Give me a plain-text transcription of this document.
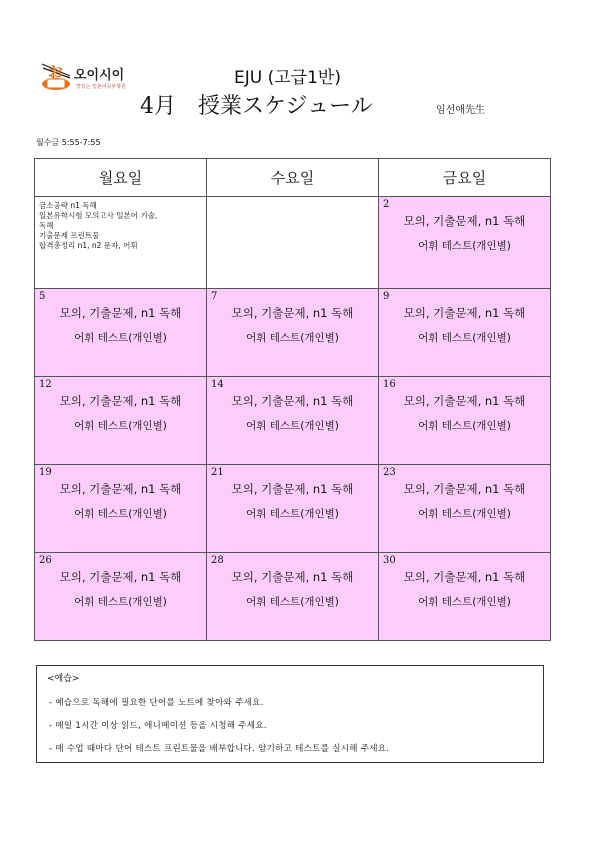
お 오이시이
맛있는 일본어공부학원	EJU (고급1반)
4月　授業スケジュール	임선애先生
월수금 5:55-7:55
월요일	수요일	금요일

금소공략 n1 독해
일본유학시험 모의고사 일본어 기술,
독해
기출문제 프린트물
합격총정리 n1, n2 문자, 어휘		2
모의, 기출문제, n1 독해
어휘 테스트(개인별)

5
모의, 기출문제, n1 독해
어휘 테스트(개인별)	7
모의, 기출문제, n1 독해
어휘 테스트(개인별)	9
모의, 기출문제, n1 독해
어휘 테스트(개인별)

12
모의, 기출문제, n1 독해
어휘 테스트(개인별)	14
모의, 기출문제, n1 독해
어휘 테스트(개인별)	16
모의, 기출문제, n1 독해
어휘 테스트(개인별)

19
모의, 기출문제, n1 독해
어휘 테스트(개인별)	21
모의, 기출문제, n1 독해
어휘 테스트(개인별)	23
모의, 기출문제, n1 독해
어휘 테스트(개인별)

26
모의, 기출문제, n1 독해
어휘 테스트(개인별)	28
모의, 기출문제, n1 독해
어휘 테스트(개인별)	30
모의, 기출문제, n1 독해
어휘 테스트(개인별)
<예습>
- 예습으로 독해에 필요한 단어를 노트에 찾아와 주세요.
- 매일 1시간 이상 읽드, 애니메이션 등을 시청해 주세요.
- 매 수업 때마다 단어 테스트 프린트물을 배부합니다. 암기하고 테스트를 실시해 주세요.
